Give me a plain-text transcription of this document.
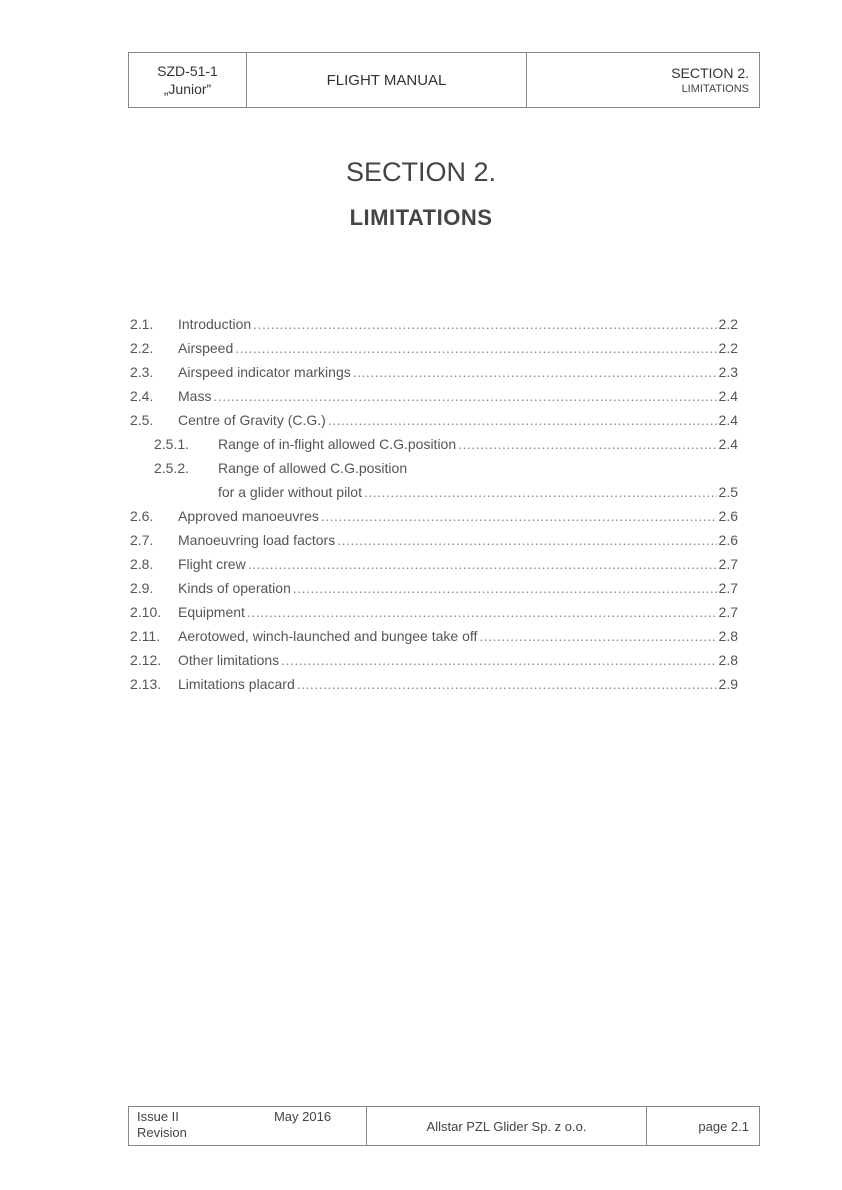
SZD-51-1
„Junior”
FLIGHT MANUAL	SECTION 2.
LIMITATIONS
SECTION 2.
LIMITATIONS
2.1.	Introduction .....	2.2
2.2.	Airspeed .....	2.2
2.3.	Airspeed indicator markings .....	2.3
2.4.	Mass .....	2.4
2.5.	Centre of Gravity (C.G.) .....	2.4
2.5.1.	Range of in-flight allowed C.G.position .....	2.4
2.5.2.	Range of allowed C.G.position
for a glider without pilot .....	2.5
2.6.	Approved manoeuvres .....	2.6
2.7.	Manoeuvring load factors .....	2.6
2.8.	Flight crew .....	2.7
2.9.	Kinds of operation .....	2.7
2.10.	Equipment .....	2.7
2.11.	Aerotowed, winch-launched and bungee take off .....	2.8
2.12.	Other limitations .....	2.8
2.13.	Limitations placard .....	2.9
Issue II
Revision
May 2016
Allstar PZL Glider Sp. z o.o.	page 2.1
